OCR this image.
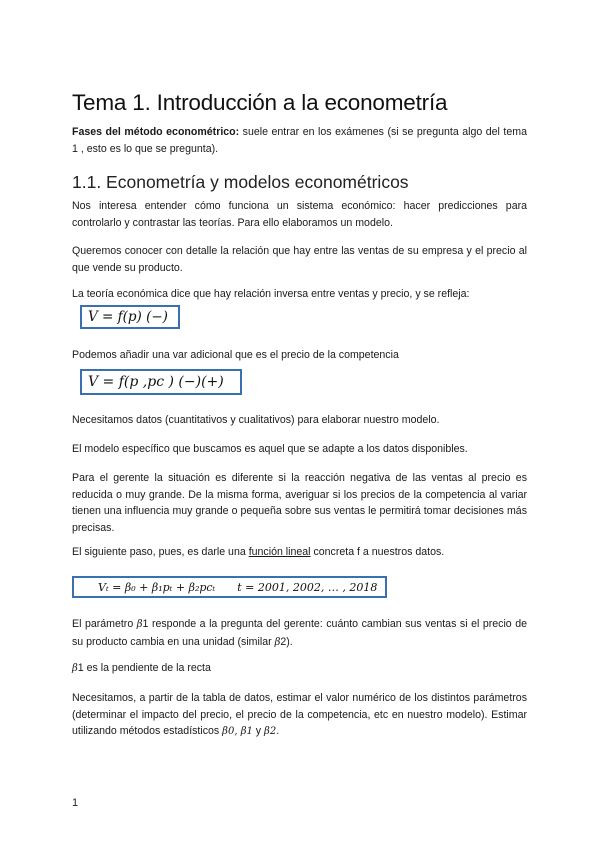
Tema 1. Introducción a la econometría
Fases del método econométrico: suele entrar en los exámenes (si se pregunta algo del tema 1 , esto es lo que se pregunta).
1.1. Econometría y modelos econométricos
Nos interesa entender cómo funciona un sistema económico: hacer predicciones para controlarlo y contrastar las teorías. Para ello elaboramos un modelo.
Queremos conocer con detalle la relación que hay entre las ventas de su empresa y el precio al que vende su producto.
La teoría económica dice que hay relación inversa entre ventas y precio, y se refleja:
V = f(p) (−)
Podemos añadir una var adicional que es el precio de la competencia
V = f(p ,pc ) (−)(+)
Necesitamos datos (cuantitativos y cualitativos) para elaborar nuestro modelo.
El modelo específico que buscamos es aquel que se adapte a los datos disponibles.
Para el gerente la situación es diferente si la reacción negativa de las ventas al precio es reducida o muy grande. De la misma forma, averiguar si los precios de la competencia al variar tienen una influencia muy grande o pequeña sobre sus ventas le permitirá tomar decisiones más precisas.
El siguiente paso, pues, es darle una función lineal concreta f a nuestros datos.
Vₜ = β₀ + β₁pₜ + β₂pcₜ t = 2001, 2002, … , 2018
El parámetro β1 responde a la pregunta del gerente: cuánto cambian sus ventas si el precio de su producto cambia en una unidad (similar β2).
β1 es la pendiente de la recta
Necesitamos, a partir de la tabla de datos, estimar el valor numérico de los distintos parámetros (determinar el impacto del precio, el precio de la competencia, etc en nuestro modelo). Estimar utilizando métodos estadísticos β0, β1 y β2.
1
